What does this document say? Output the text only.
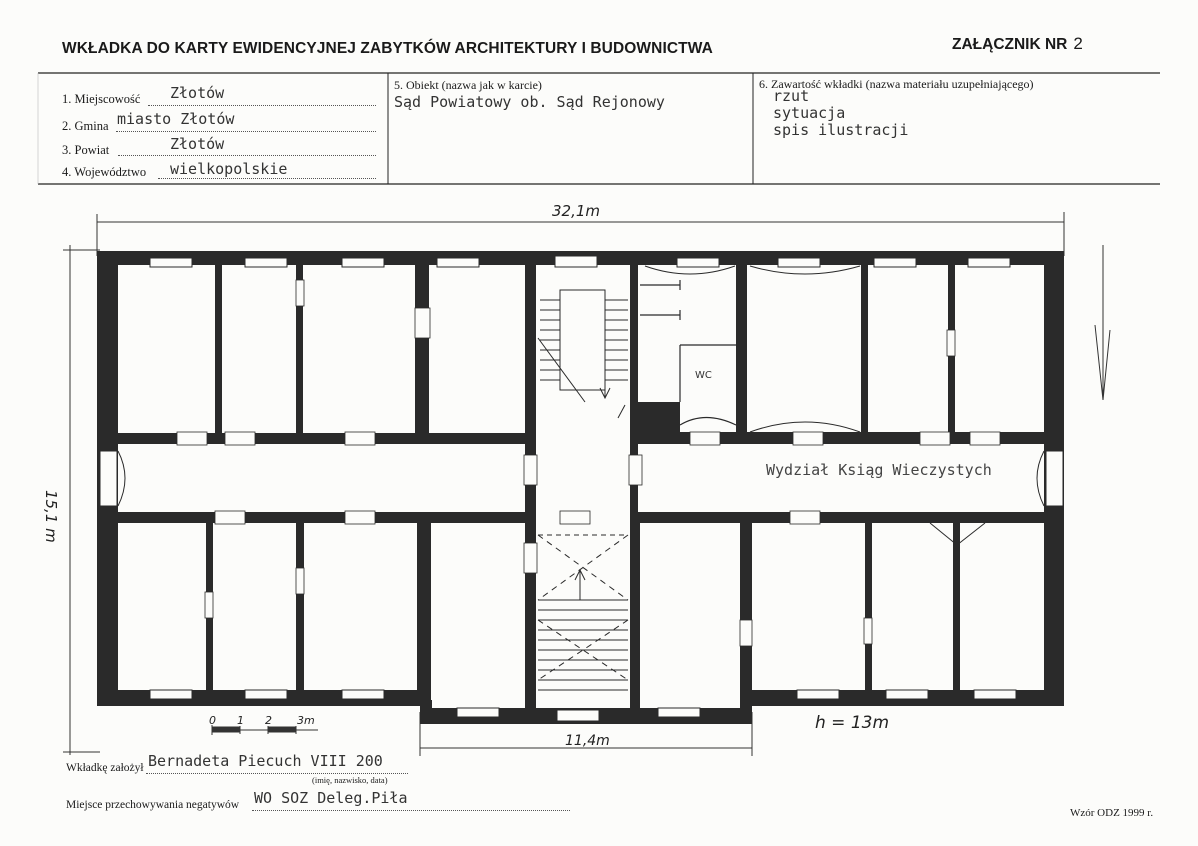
WKŁADKA DO KARTY EWIDENCYJNEJ ZABYTKÓW ARCHITEKTURY I BUDOWNICTWA	ZAŁĄCZNIK NR 2
1. Miejscowość Złotów
2. Gmina miasto Złotów
3. Powiat	Złotów
4. Województwo wielkopolskie
5. Obiekt (nazwa jak w karcie)
Sąd Powiatowy ob. Sąd Rejonowy
6. Zawartość wkładki (nazwa materiału uzupełniającego)
rzut
sytuacja
spis ilustracji
32,1m
15,1 m
11,4m
h = 13m
WC
Wydział Ksiąg Wieczystych
0 1 2 3m
Wkładkę założył Bernadeta Piecuch VIII 200
(imię, nazwisko, data)
Miejsce przechowywania negatywów WO SOZ Deleg.Piła
Wzór ODZ 1999 r.
